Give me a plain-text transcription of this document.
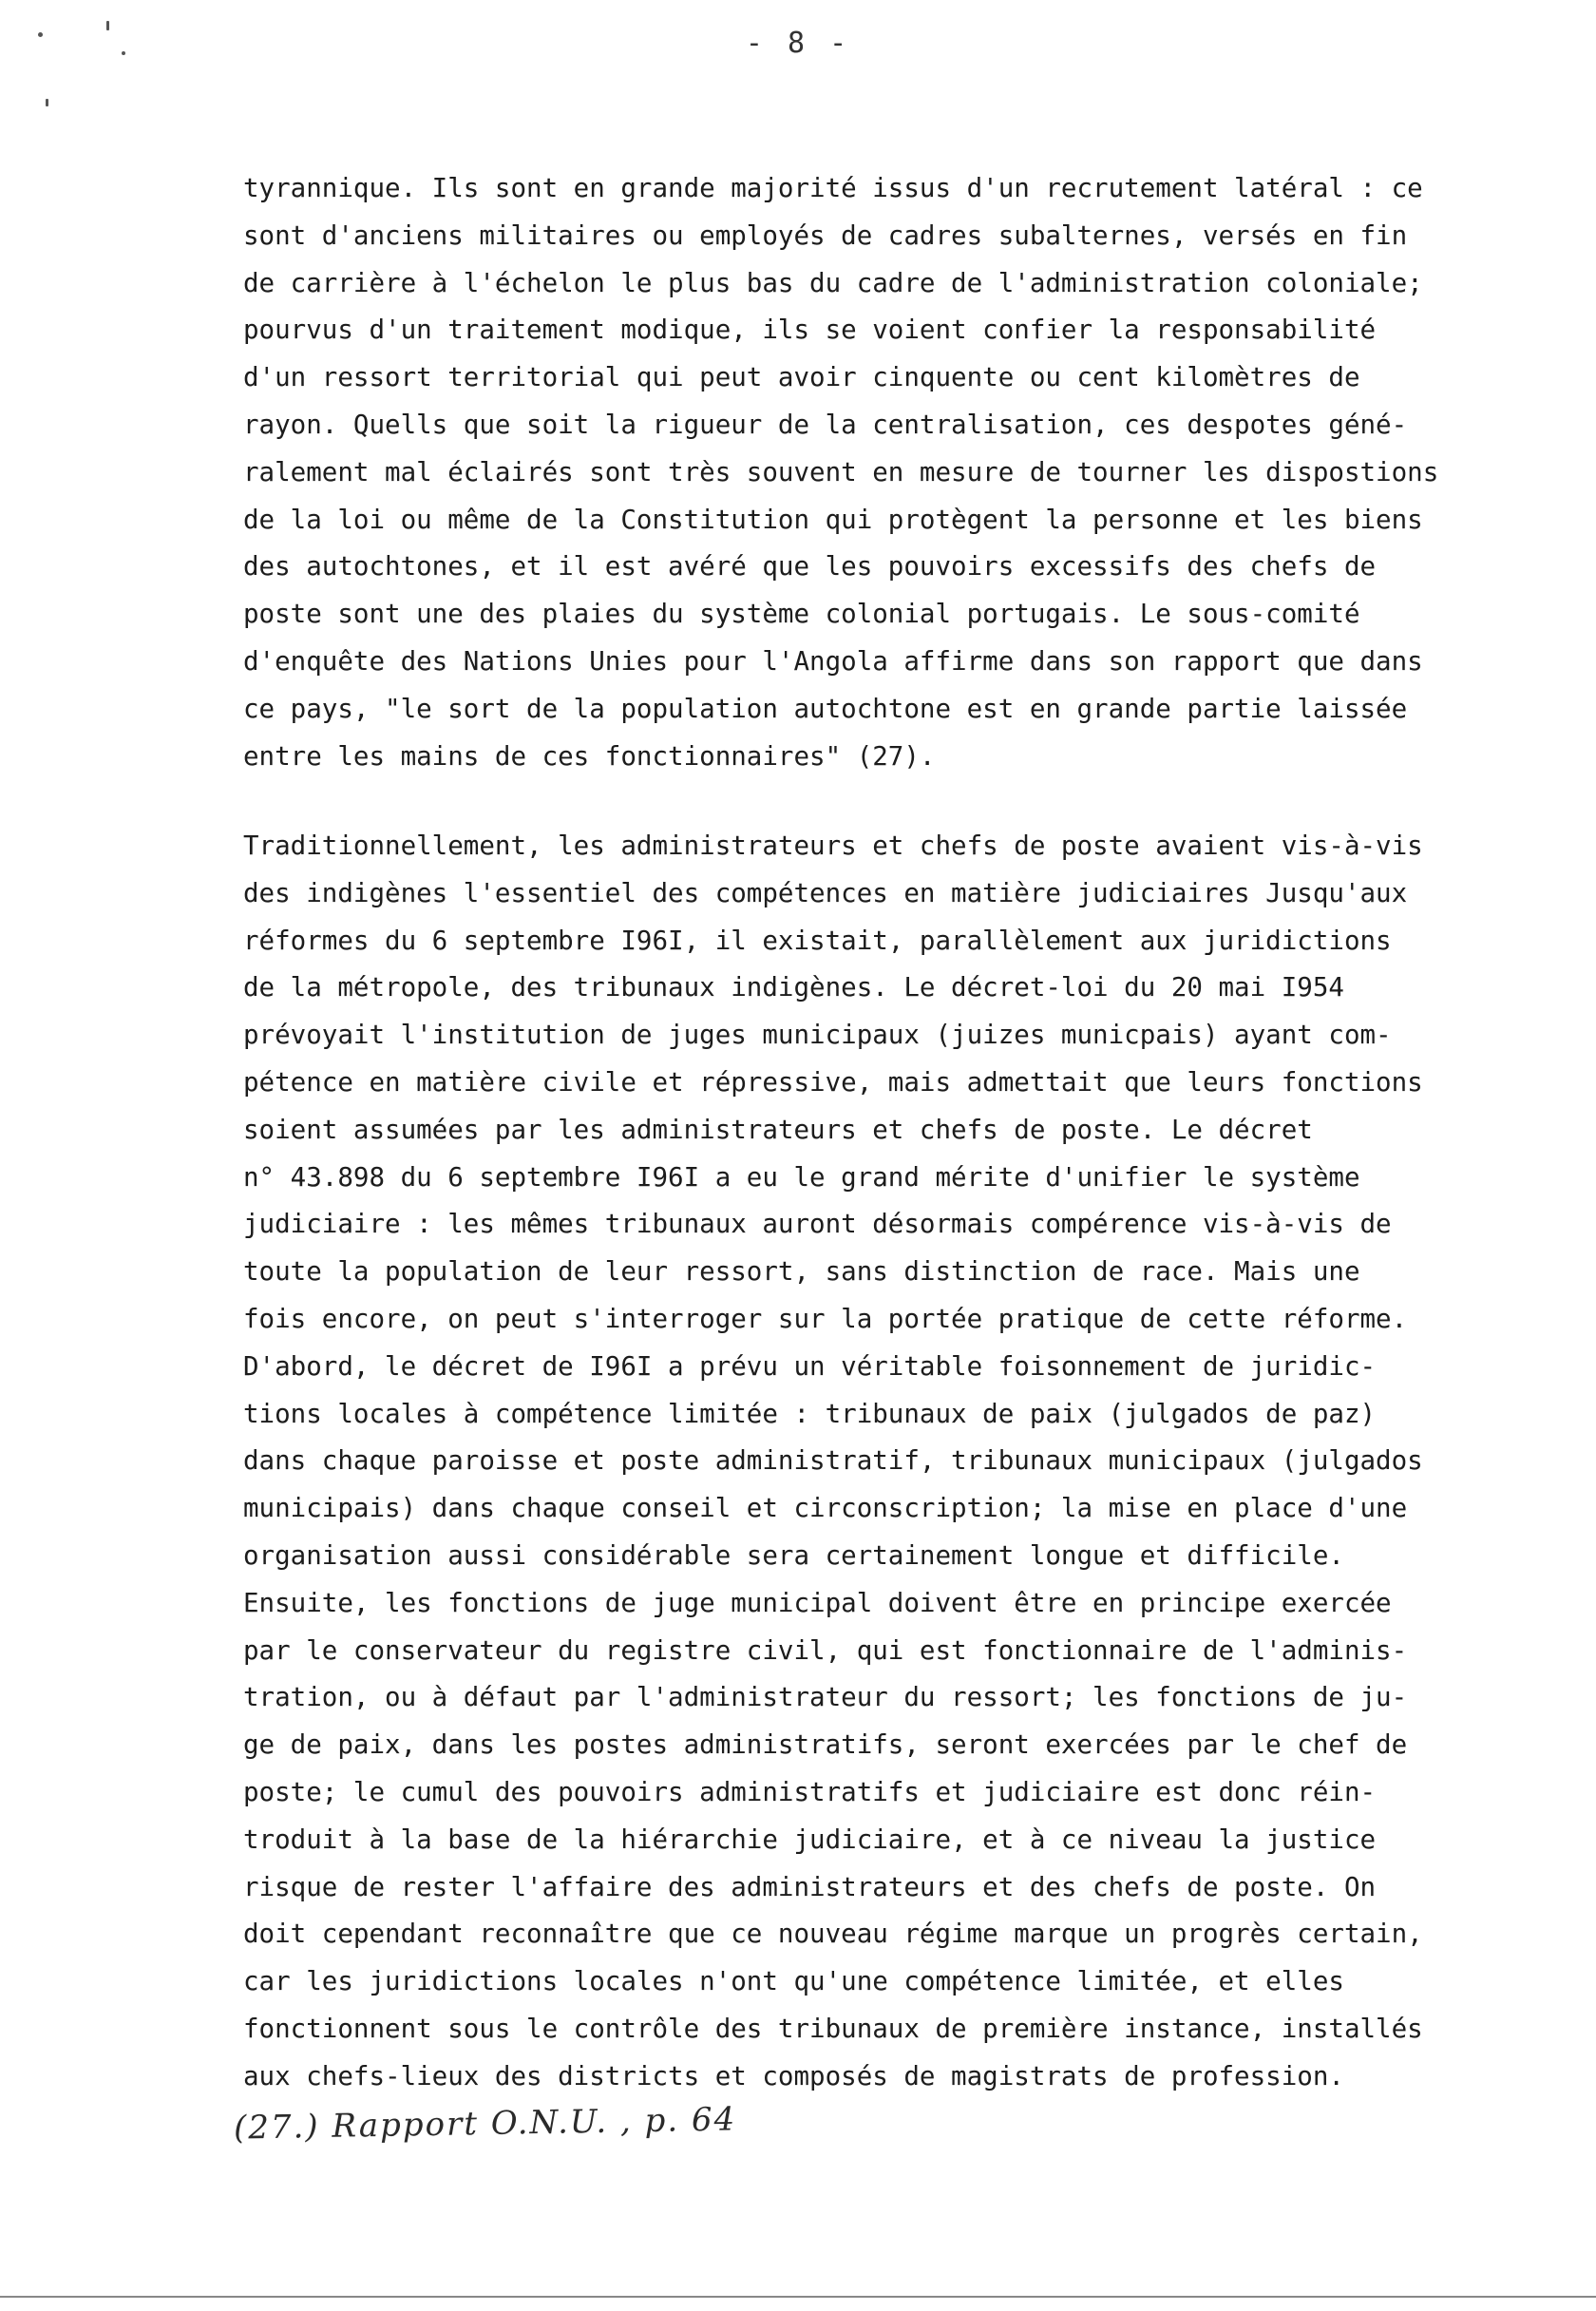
- 8 -
tyrannique. Ils sont en grande majorité issus d'un recrutement latéral : ce
sont d'anciens militaires ou employés de cadres subalternes, versés en fin
de carrière à l'échelon le plus bas du cadre de l'administration coloniale;
pourvus d'un traitement modique, ils se voient confier la responsabilité
d'un ressort territorial qui peut avoir cinquente ou cent kilomètres de
rayon. Quells que soit la rigueur de la centralisation, ces despotes géné-
ralement mal éclairés sont très souvent en mesure de tourner les dispostions
de la loi ou même de la Constitution qui protègent la personne et les biens
des autochtones, et il est avéré que les pouvoirs excessifs des chefs de
poste sont une des plaies du système colonial portugais. Le sous-comité
d'enquête des Nations Unies pour l'Angola affirme dans son rapport que dans
ce pays, "le sort de la population autochtone est en grande partie laissée
entre les mains de ces fonctionnaires" (27).
Traditionnellement, les administrateurs et chefs de poste avaient vis-à-vis
des indigènes l'essentiel des compétences en matière judiciaires Jusqu'aux
réformes du 6 septembre I96I, il existait, parallèlement aux juridictions
de la métropole, des tribunaux indigènes. Le décret-loi du 20 mai I954
prévoyait l'institution de juges municipaux (juizes municpais) ayant com-
pétence en matière civile et répressive, mais admettait que leurs fonctions
soient assumées par les administrateurs et chefs de poste. Le décret
n° 43.898 du 6 septembre I96I a eu le grand mérite d'unifier le système
judiciaire : les mêmes tribunaux auront désormais compérence vis-à-vis de
toute la population de leur ressort, sans distinction de race. Mais une
fois encore, on peut s'interroger sur la portée pratique de cette réforme.
D'abord, le décret de I96I a prévu un véritable foisonnement de juridic-
tions locales à compétence limitée : tribunaux de paix (julgados de paz)
dans chaque paroisse et poste administratif, tribunaux municipaux (julgados
municipais) dans chaque conseil et circonscription; la mise en place d'une
organisation aussi considérable sera certainement longue et difficile.
Ensuite, les fonctions de juge municipal doivent être en principe exercée
par le conservateur du registre civil, qui est fonctionnaire de l'adminis-
tration, ou à défaut par l'administrateur du ressort; les fonctions de ju-
ge de paix, dans les postes administratifs, seront exercées par le chef de
poste; le cumul des pouvoirs administratifs et judiciaire est donc réin-
troduit à la base de la hiérarchie judiciaire, et à ce niveau la justice
risque de rester l'affaire des administrateurs et des chefs de poste. On
doit cependant reconnaître que ce nouveau régime marque un progrès certain,
car les juridictions locales n'ont qu'une compétence limitée, et elles
fonctionnent sous le contrôle des tribunaux de première instance, installés
aux chefs-lieux des districts et composés de magistrats de profession.
(27.) Rapport O.N.U. , p. 64
